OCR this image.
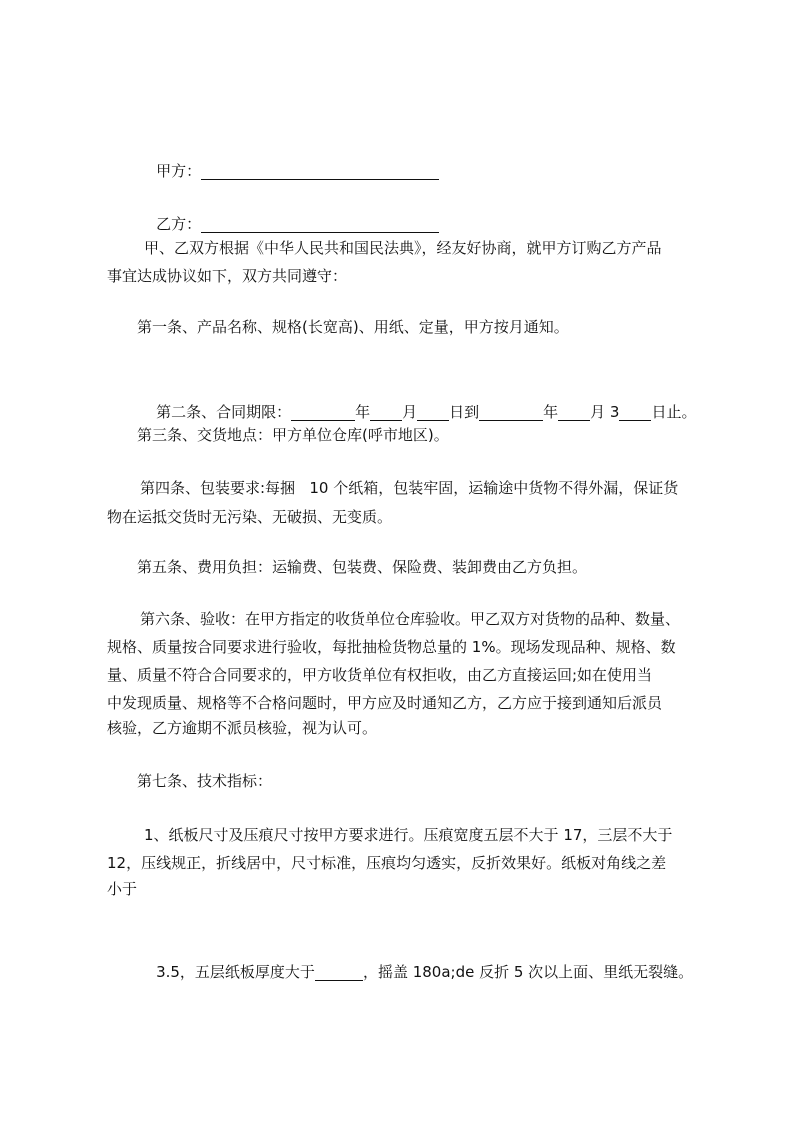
甲方：

乙方：

甲、乙双方根据《中华人民共和国民法典》，经友好协商，就甲方订购乙方产品
事宜达成协议如下，双方共同遵守：
第一条、产品名称、规格(长宽高)、用纸、定量，甲方按月通知。

第二条、合同期限：	年 月 日到	年 月 3 日止。

第三条、交货地点：甲方单位仓库(呼市地区)。
第四条、包装要求:每捆   10 个纸箱，包装牢固，运输途中货物不得外漏，保证货
物在运抵交货时无污染、无破损、无变质。
第五条、费用负担：运输费、包装费、保险费、装卸费由乙方负担。
第六条、验收：在甲方指定的收货单位仓库验收。甲乙双方对货物的品种、数量、
规格、质量按合同要求进行验收，每批抽检货物总量的 1%。现场发现品种、规格、数
量、质量不符合合同要求的，甲方收货单位有权拒收，由乙方直接运回;如在使用当
中发现质量、规格等不合格问题时，甲方应及时通知乙方，乙方应于接到通知后派员
核验，乙方逾期不派员核验，视为认可。
第七条、技术指标：
1、纸板尺寸及压痕尺寸按甲方要求进行。压痕宽度五层不大于 17，三层不大于
12，压线规正，折线居中，尺寸标准，压痕均匀透实，反折效果好。纸板对角线之差
小于

3.5，五层纸板厚度大于	，摇盖 180a;de 反折 5 次以上面、里纸无裂缝。
